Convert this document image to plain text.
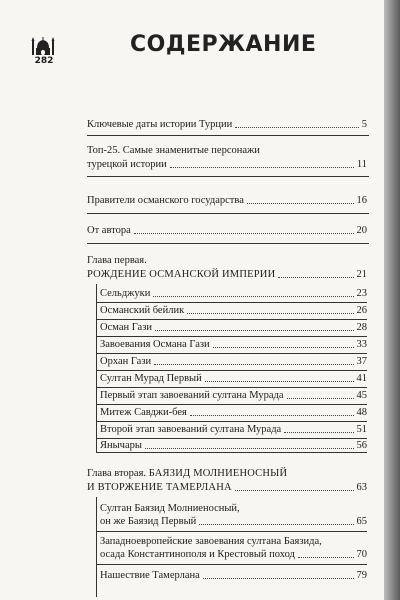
282
СОДЕРЖАНИЕ
Ключевые даты истории Турции	5
Топ-25. Самые знаменитые персонажи
турецкой истории	11
Правители османского государства	16
От автора	20
Глава первая.
РОЖДЕНИЕ ОСМАНСКОЙ ИМПЕРИИ	21
Сельджуки	23
Османский бейлик	26
Осман Гази	28
Завоевания Османа Гази	33
Орхан Гази	37
Султан Мурад Первый	41
Первый этап завоеваний султана Мурада	45
Митеж Савджи-бея	48
Второй этап завоеваний султана Мурада	51
Янычары	56
Глава вторая. БАЯЗИД МОЛНИЕНОСНЫЙ
И ВТОРЖЕНИЕ ТАМЕРЛАНА	63
Султан Баязид Молниеносный,
он же Баязид Первый	65
Западноевропейские завоевания султана Баязида,
осада Константинополя и Крестовый поход	70
Нашествие Тамерлана	79
